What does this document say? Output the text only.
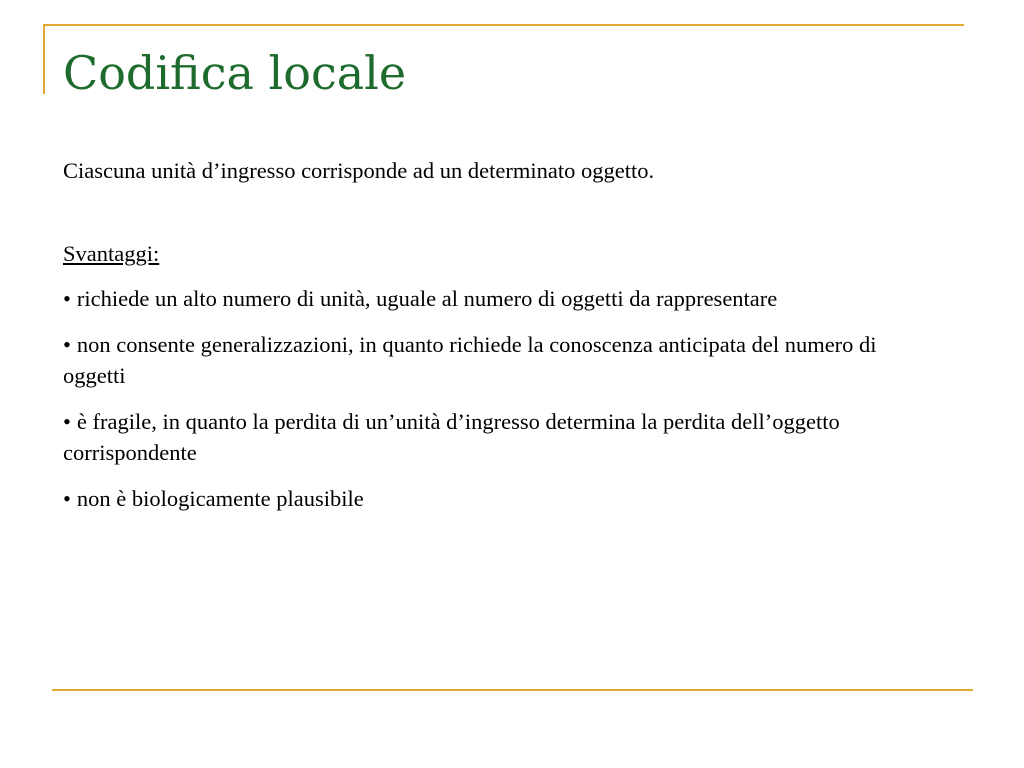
Codifica locale

Ciascuna unità d’ingresso corrisponde ad un determinato oggetto.

Svantaggi:

• richiede un alto numero di unità, uguale al numero di oggetti da rappresentare
• non consente generalizzazioni, in quanto richiede la conoscenza anticipata del numero di oggetti
• è fragile, in quanto la perdita di un’unità d’ingresso determina la perdita dell’oggetto corrispondente
• non è biologicamente plausibile
